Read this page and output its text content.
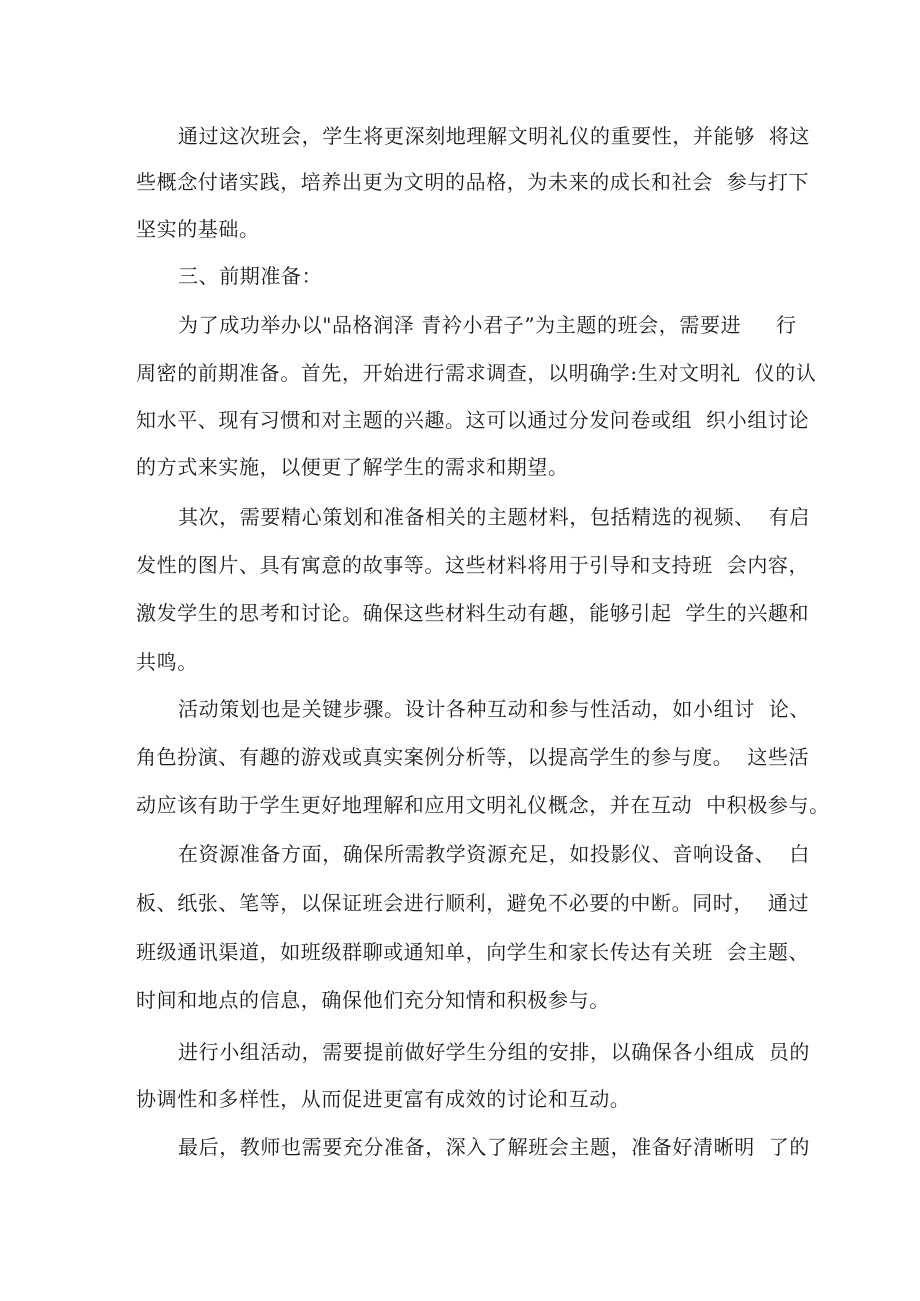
通过这次班会，学生将更深刻地理解文明礼仪的重要性，并能够  将这
些概念付诸实践，培养出更为文明的品格，为未来的成长和社会  参与打下
坚实的基础。
三、前期准备：
为了成功举办以"品格润泽 青衿小君子”为主题的班会，需要进     行
周密的前期准备。首先，开始进行需求调查，以明确学:生对文明礼  仪的认
知水平、现有习惯和对主题的兴趣。这可以通过分发问卷或组  织小组讨论
的方式来实施，以便更了解学生的需求和期望。
其次，需要精心策划和准备相关的主题材料，包括精选的视频、  有启
发性的图片、具有寓意的故事等。这些材料将用于引导和支持班  会内容，
激发学生的思考和讨论。确保这些材料生动有趣，能够引起  学生的兴趣和
共鸣。
活动策划也是关键步骤。设计各种互动和参与性活动，如小组讨  论、
角色扮演、有趣的游戏或真实案例分析等，以提高学生的参与度。  这些活
动应该有助于学生更好地理解和应用文明礼仪概念，并在互动  中积极参与。
在资源准备方面，确保所需教学资源充足，如投影仪、音响设备、  白
板、纸张、笔等，以保证班会进行顺利，避免不必要的中断。同时，  通过
班级通讯渠道，如班级群聊或通知单，向学生和家长传达有关班  会主题、
时间和地点的信息，确保他们充分知情和积极参与。
进行小组活动，需要提前做好学生分组的安排，以确保各小组成  员的
协调性和多样性，从而促进更富有成效的讨论和互动。
最后，教师也需要充分准备，深入了解班会主题，准备好清晰明  了的
